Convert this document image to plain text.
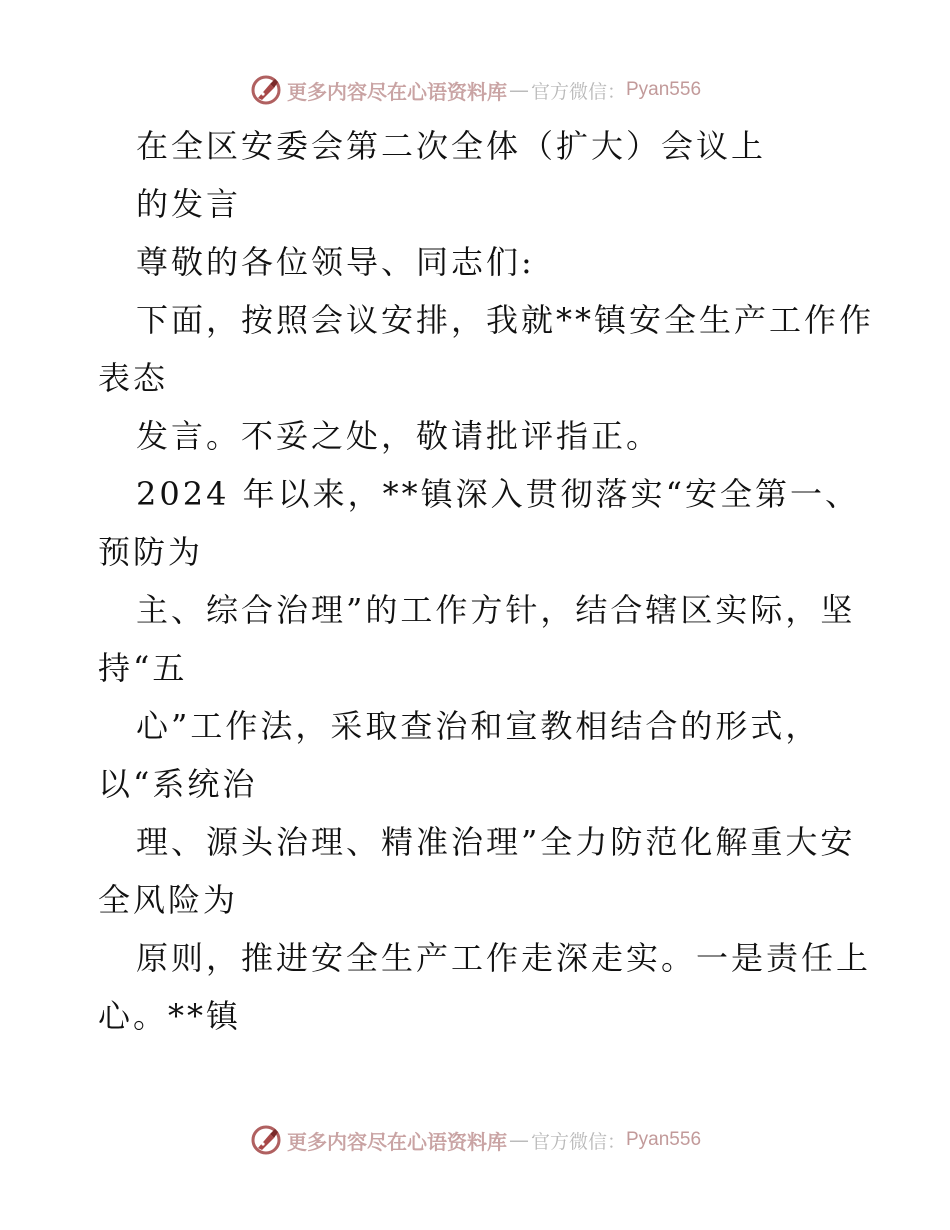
更多内容尽在心语资料库 — 官方微信： Pyan556
在全区安委会第二次全体（扩大）会议上
的发言
尊敬的各位领导、同志们:
下面，按照会议安排，我就**镇安全生产工作作
表态
发言。不妥之处，敬请批评指正。
2024 年以来，**镇深入贯彻落实“安全第一、
预防为
主、综合治理”的工作方针，结合辖区实际，坚
持“五
心”工作法，采取查治和宣教相结合的形式，
以“系统治
理、源头治理、精准治理”全力防范化解重大安
全风险为
原则，推进安全生产工作走深走实。一是责任上
心。**镇
更多内容尽在心语资料库 — 官方微信： Pyan556
